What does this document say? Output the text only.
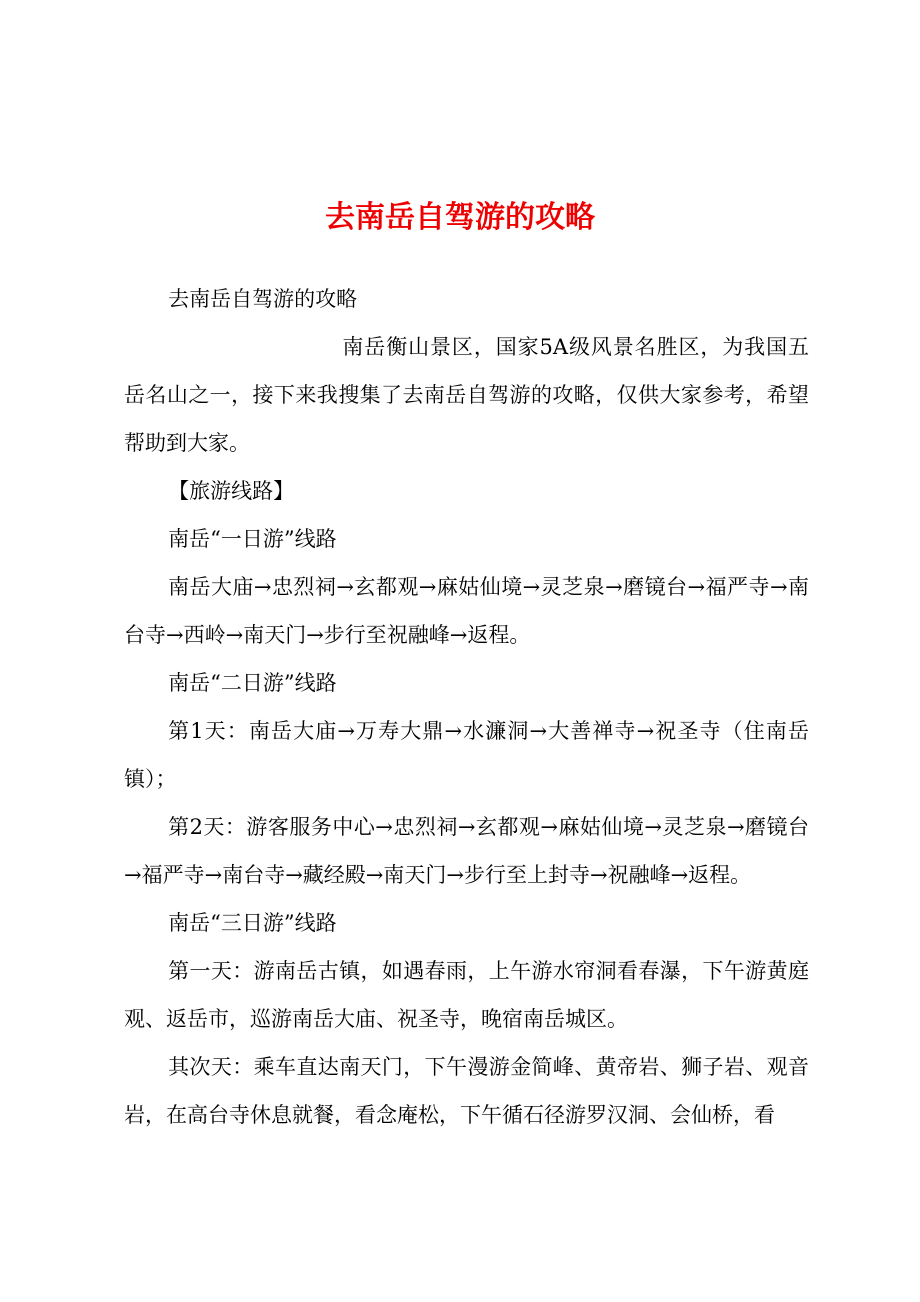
去南岳自驾游的攻略

去南岳自驾游的攻略

南岳衡山景区，国家5A级风景名胜区，为我国五岳名山之一，接下来我搜集了去南岳自驾游的攻略，仅供大家参考，希望帮助到大家。

【旅游线路】

南岳“一日游”线路

南岳大庙→忠烈祠→玄都观→麻姑仙境→灵芝泉→磨镜台→福严寺→南台寺→西岭→南天门→步行至祝融峰→返程。

南岳“二日游”线路

第1天：南岳大庙→万寿大鼎→水濂洞→大善禅寺→祝圣寺（住南岳镇）；

第2天：游客服务中心→忠烈祠→玄都观→麻姑仙境→灵芝泉→磨镜台→福严寺→南台寺→藏经殿→南天门→步行至上封寺→祝融峰→返程。

南岳“三日游”线路

第一天：游南岳古镇，如遇春雨，上午游水帘洞看春瀑，下午游黄庭观、返岳市，巡游南岳大庙、祝圣寺，晚宿南岳城区。

其次天：乘车直达南天门，下午漫游金简峰、黄帝岩、狮子岩、观音岩，在高台寺休息就餐，看念庵松，下午循石径游罗汉洞、会仙桥，看
